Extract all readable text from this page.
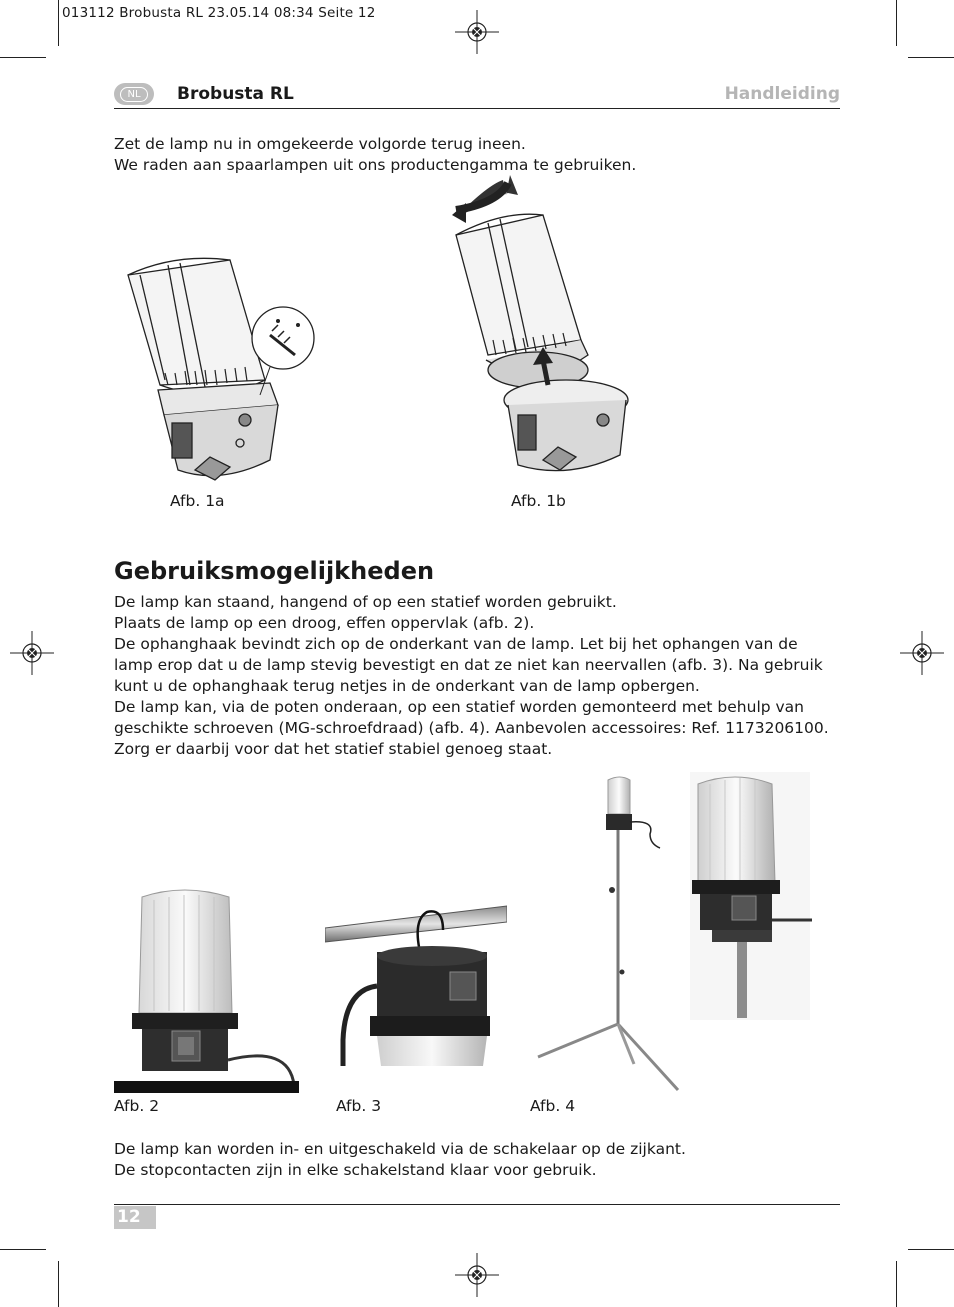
013112 Brobusta RL 23.05.14 08:34 Seite 12
NL	Brobusta RL	Handleiding

Zet de lamp nu in omgekeerde volgorde terug ineen.

We raden aan spaarlampen uit ons productengamma te gebruiken.

Afb. 1a	Afb. 1b
Gebruiksmogelijkheden

De lamp kan staand, hangend of op een statief worden gebruikt.

Plaats de lamp op een droog, effen oppervlak (afb. 2).

De ophanghaak bevindt zich op de onderkant van de lamp. Let bij het ophangen van de

lamp erop dat u de lamp stevig bevestigt en dat ze niet kan neervallen (afb. 3). Na gebruik

kunt u de ophanghaak terug netjes in de onderkant van de lamp opbergen.

De lamp kan, via de poten onderaan, op een statief worden gemonteerd met behulp van

geschikte schroeven (MG-schroefdraad) (afb. 4). Aanbevolen accessoires: Ref. 1173206100.

Zorg er daarbij voor dat het statief stabiel genoeg staat.

Afb. 2	Afb. 3	Afb. 4

De lamp kan worden in- en uitgeschakeld via de schakelaar op de zijkant.

De stopcontacten zijn in elke schakelstand klaar voor gebruik.

12
